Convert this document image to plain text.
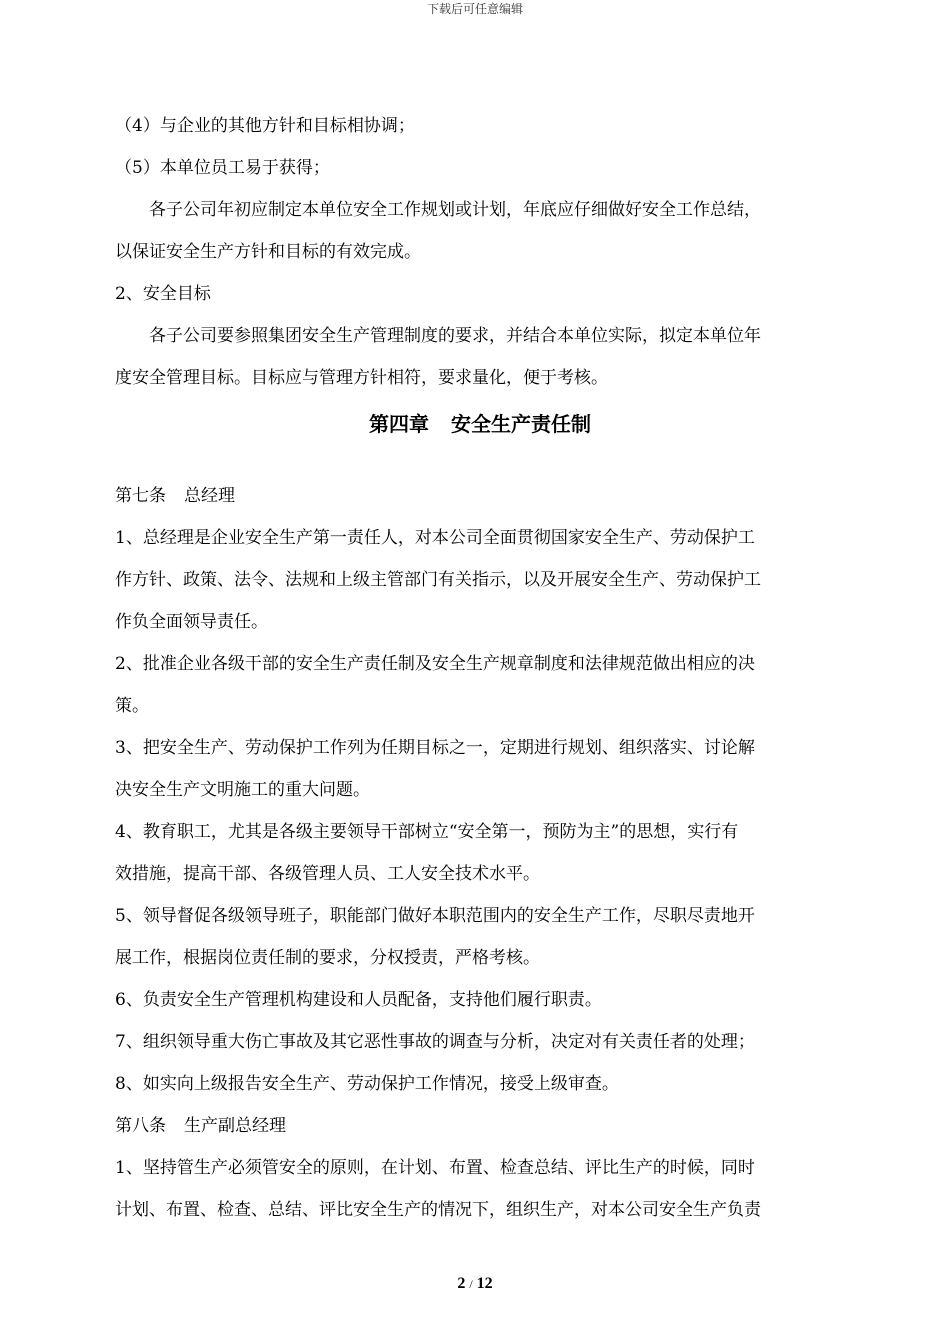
下载后可任意编辑

（4）与企业的其他方针和目标相协调；

（5）本单位员工易于获得；

各子公司年初应制定本单位安全工作规划或计划，年底应仔细做好安全工作总结，

以保证安全生产方针和目标的有效完成。

2、安全目标

各子公司要参照集团安全生产管理制度的要求，并结合本单位实际，拟定本单位年

度安全管理目标。目标应与管理方针相符，要求量化，便于考核。

第四章 安全生产责任制

第七条 总经理

1、总经理是企业安全生产第一责任人，对本公司全面贯彻国家安全生产、劳动保护工

作方针、政策、法令、法规和上级主管部门有关指示，以及开展安全生产、劳动保护工

作负全面领导责任。

2、批准企业各级干部的安全生产责任制及安全生产规章制度和法律规范做出相应的决

策。

3、把安全生产、劳动保护工作列为任期目标之一，定期进行规划、组织落实、讨论解

决安全生产文明施工的重大问题。

4、教育职工，尤其是各级主要领导干部树立“安全第一，预防为主”的思想，实行有

效措施，提高干部、各级管理人员、工人安全技术水平。

5、领导督促各级领导班子，职能部门做好本职范围内的安全生产工作，尽职尽责地开

展工作，根据岗位责任制的要求，分权授责，严格考核。

6、负责安全生产管理机构建设和人员配备，支持他们履行职责。

7、组织领导重大伤亡事故及其它恶性事故的调查与分析，决定对有关责任者的处理；

8、如实向上级报告安全生产、劳动保护工作情况，接受上级审查。

第八条 生产副总经理

1、坚持管生产必须管安全的原则，在计划、布置、检查总结、评比生产的时候，同时

计划、布置、检查、总结、评比安全生产的情况下，组织生产，对本公司安全生产负责

2 / 12
